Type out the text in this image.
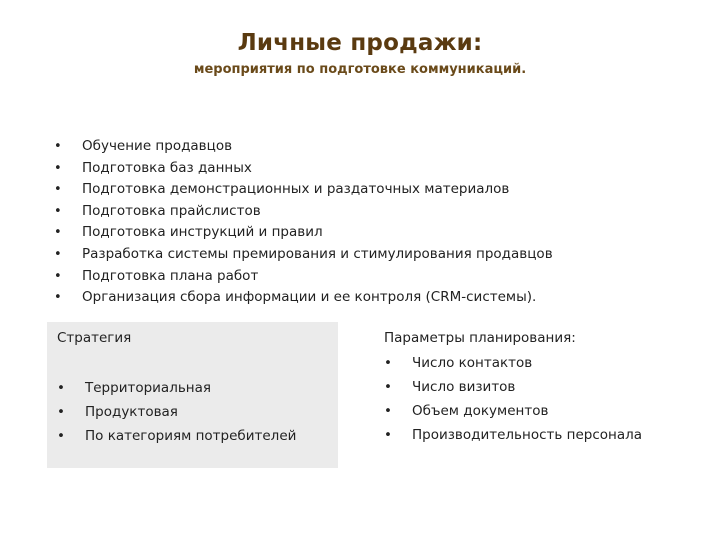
Личные продажи:
мероприятия по подготовке коммуникаций.
• Обучение продавцов
• Подготовка баз данных
• Подготовка демонстрационных и раздаточных материалов
• Подготовка прайслистов
• Подготовка инструкций и правил
• Разработка системы премирования и стимулирования продавцов
• Подготовка плана работ
• Организация сбора информации и ее контроля (CRM-системы).
Стратегия
• Территориальная
• Продуктовая
• По категориям потребителей
Параметры планирования:
• Число контактов
• Число визитов
• Объем документов
• Производительность персонала
